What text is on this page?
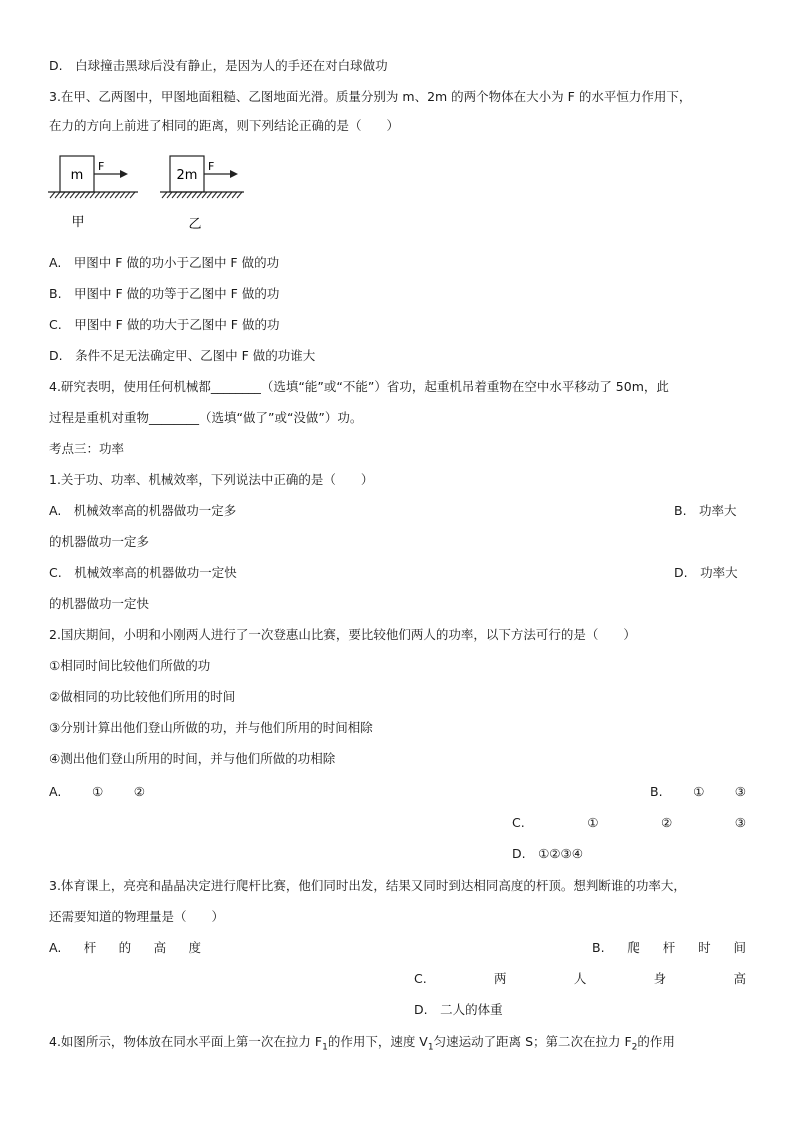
D.　白球撞击黑球后没有静止，是因为人的手还在对白球做功
3.在甲、乙两图中，甲图地面粗糙、乙图地面光滑。质量分别为 m、2m 的两个物体在大小为 F 的水平恒力作用下，
在力的方向上前进了相同的距离，则下列结论正确的是（　　）
m
F
甲
2m
F
乙
A.　甲图中 F 做的功小于乙图中 F 做的功
B.　甲图中 F 做的功等于乙图中 F 做的功
C.　甲图中 F 做的功大于乙图中 F 做的功
D.　条件不足无法确定甲、乙图中 F 做的功谁大
4.研究表明，使用任何机械都________（选填“能”或“不能”）省功，起重机吊着重物在空中水平移动了 50m，此
过程是重机对重物________（选填“做了”或“没做”）功。
考点三：功率
1.关于功、功率、机械效率，下列说法中正确的是（　　）
A.　机械效率高的机器做功一定多	B.　功率大
的机器做功一定多
C.　机械效率高的机器做功一定快	D.　功率大
的机器做功一定快
2.国庆期间，小明和小刚两人进行了一次登惠山比赛，要比较他们两人的功率，以下方法可行的是（　　）
①相同时间比较他们所做的功
②做相同的功比较他们所用的时间
③分别计算出他们登山所做的功，并与他们所用的时间相除
④测出他们登山所用的时间，并与他们所做的功相除
A. ① ②	B. ① ③
C.	①	②	③
D.　①②③④
3.体育课上，亮亮和晶晶决定进行爬杆比赛，他们同时出发，结果又同时到达相同高度的杆顶。想判断谁的功率大，
还需要知道的物理量是（　　）
A. 杆 的 高 度	B. 爬 杆 时 间
C.	两	人	身	高
D.　二人的体重
4.如图所示，物体放在同水平面上第一次在拉力 $F_1$的作用下，速度 $V_1$匀速运动了距离 S；第二次在拉力 $F_2$的作用
